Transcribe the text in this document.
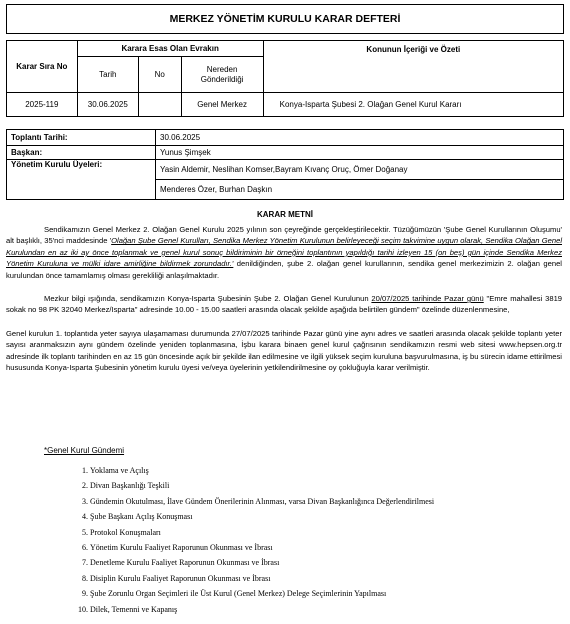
MERKEZ YÖNETİM KURULU KARAR DEFTERİ
Karar Sıra No	Karara Esas Olan Evrakın			Konunun İçeriği ve Özeti
	Tarih	No	Nereden Gönderildiği	
2025-119	30.06.2025		Genel Merkez	Konya-Isparta Şubesi 2. Olağan Genel Kurul Kararı
Toplantı Tarihi:	30.06.2025
Başkan:	Yunus Şimşek
Yönetim Kurulu Üyeleri:	Yasin Aldemir, Neslihan Komser,Bayram Kıvanç Oruç, Ömer Doğanay
	Menderes Özer, Burhan Daşkın
KARAR METNİ

Sendikamızın Genel Merkez 2. Olağan Genel Kurulu 2025 yılının son çeyreğinde gerçekleştirilecektir. Tüzüğümüzün 'Şube Genel Kurullarının Oluşumu' alt başlıklı, 35'nci maddesinde 'Olağan Şube Genel Kurulları, Sendika Merkez Yönetim Kurulunun belirleyeceği seçim takvimine uygun olarak, Sendika Olağan Genel Kurulundan en az iki ay önce toplanmak ve genel kurul sonuç bildiriminin bir örneğini toplantının yapıldığı tarihi izleyen 15 (on beş) gün içinde Sendika Merkez Yönetim Kuruluna ve mülki idare amirliğine bildirmek zorundadır.' denildiğinden, şube 2. olağan genel kurullarının, sendika genel merkezimizin 2. olağan genel kurulundan önce tamamlamış olması gerekliliği anlaşılmaktadır.

Mezkur bilgi ışığında, sendikamızın Konya-Isparta Şubesinin Şube 2. Olağan Genel Kurulunun 20/07/2025 tarihinde Pazar günü "Emre mahallesi 3819 sokak no 98 PK 32040 Merkez/Isparta" adresinde 10.00 - 15.00 saatleri arasında olacak şekilde aşağıda belirtilen gündem" özelinde düzenlenmesine,

Genel kurulun 1. toplantıda yeter sayıya ulaşamaması durumunda 27/07/2025 tarihinde Pazar günü yine aynı adres ve saatleri arasında olacak şekilde toplantı yeter sayısı aranmaksızın aynı gündem özelinde yeniden toplanmasına, İşbu karara binaen genel kurul çağrısının sendikamızın resmi web sitesi www.hepsen.org.tr adresinde ilk toplantı tarihinden en az 15 gün öncesinde açık bir şekilde ilan edilmesine ve ilgili yüksek seçim kuruluna başvurulmasına, iş bu sürecin idame ettirilmesi hususunda Konya-Isparta Şubesinin yönetim kurulu üyesi ve/veya üyelerinin yetkilendirilmesine oy çokluğuyla karar verilmiştir.

*Genel Kurul Gündemi
1. Yoklama ve Açılış
2. Divan Başkanlığı Teşkili
3. Gündemin Okutulması, İlave Gündem Önerilerinin Alınması, varsa Divan Başkanlığınca Değerlendirilmesi
4. Şube Başkanı Açılış Konuşması
5. Protokol Konuşmaları
6. Yönetim Kurulu Faaliyet Raporunun Okunması ve İbrası
7. Denetleme Kurulu Faaliyet Raporunun Okunması ve İbrası
8. Disiplin Kurulu Faaliyet Raporunun Okunması ve İbrası
9. Şube Zorunlu Organ Seçimleri ile Üst Kurul (Genel Merkez) Delege Seçimlerinin Yapılması
10. Dilek, Temenni ve Kapanış
